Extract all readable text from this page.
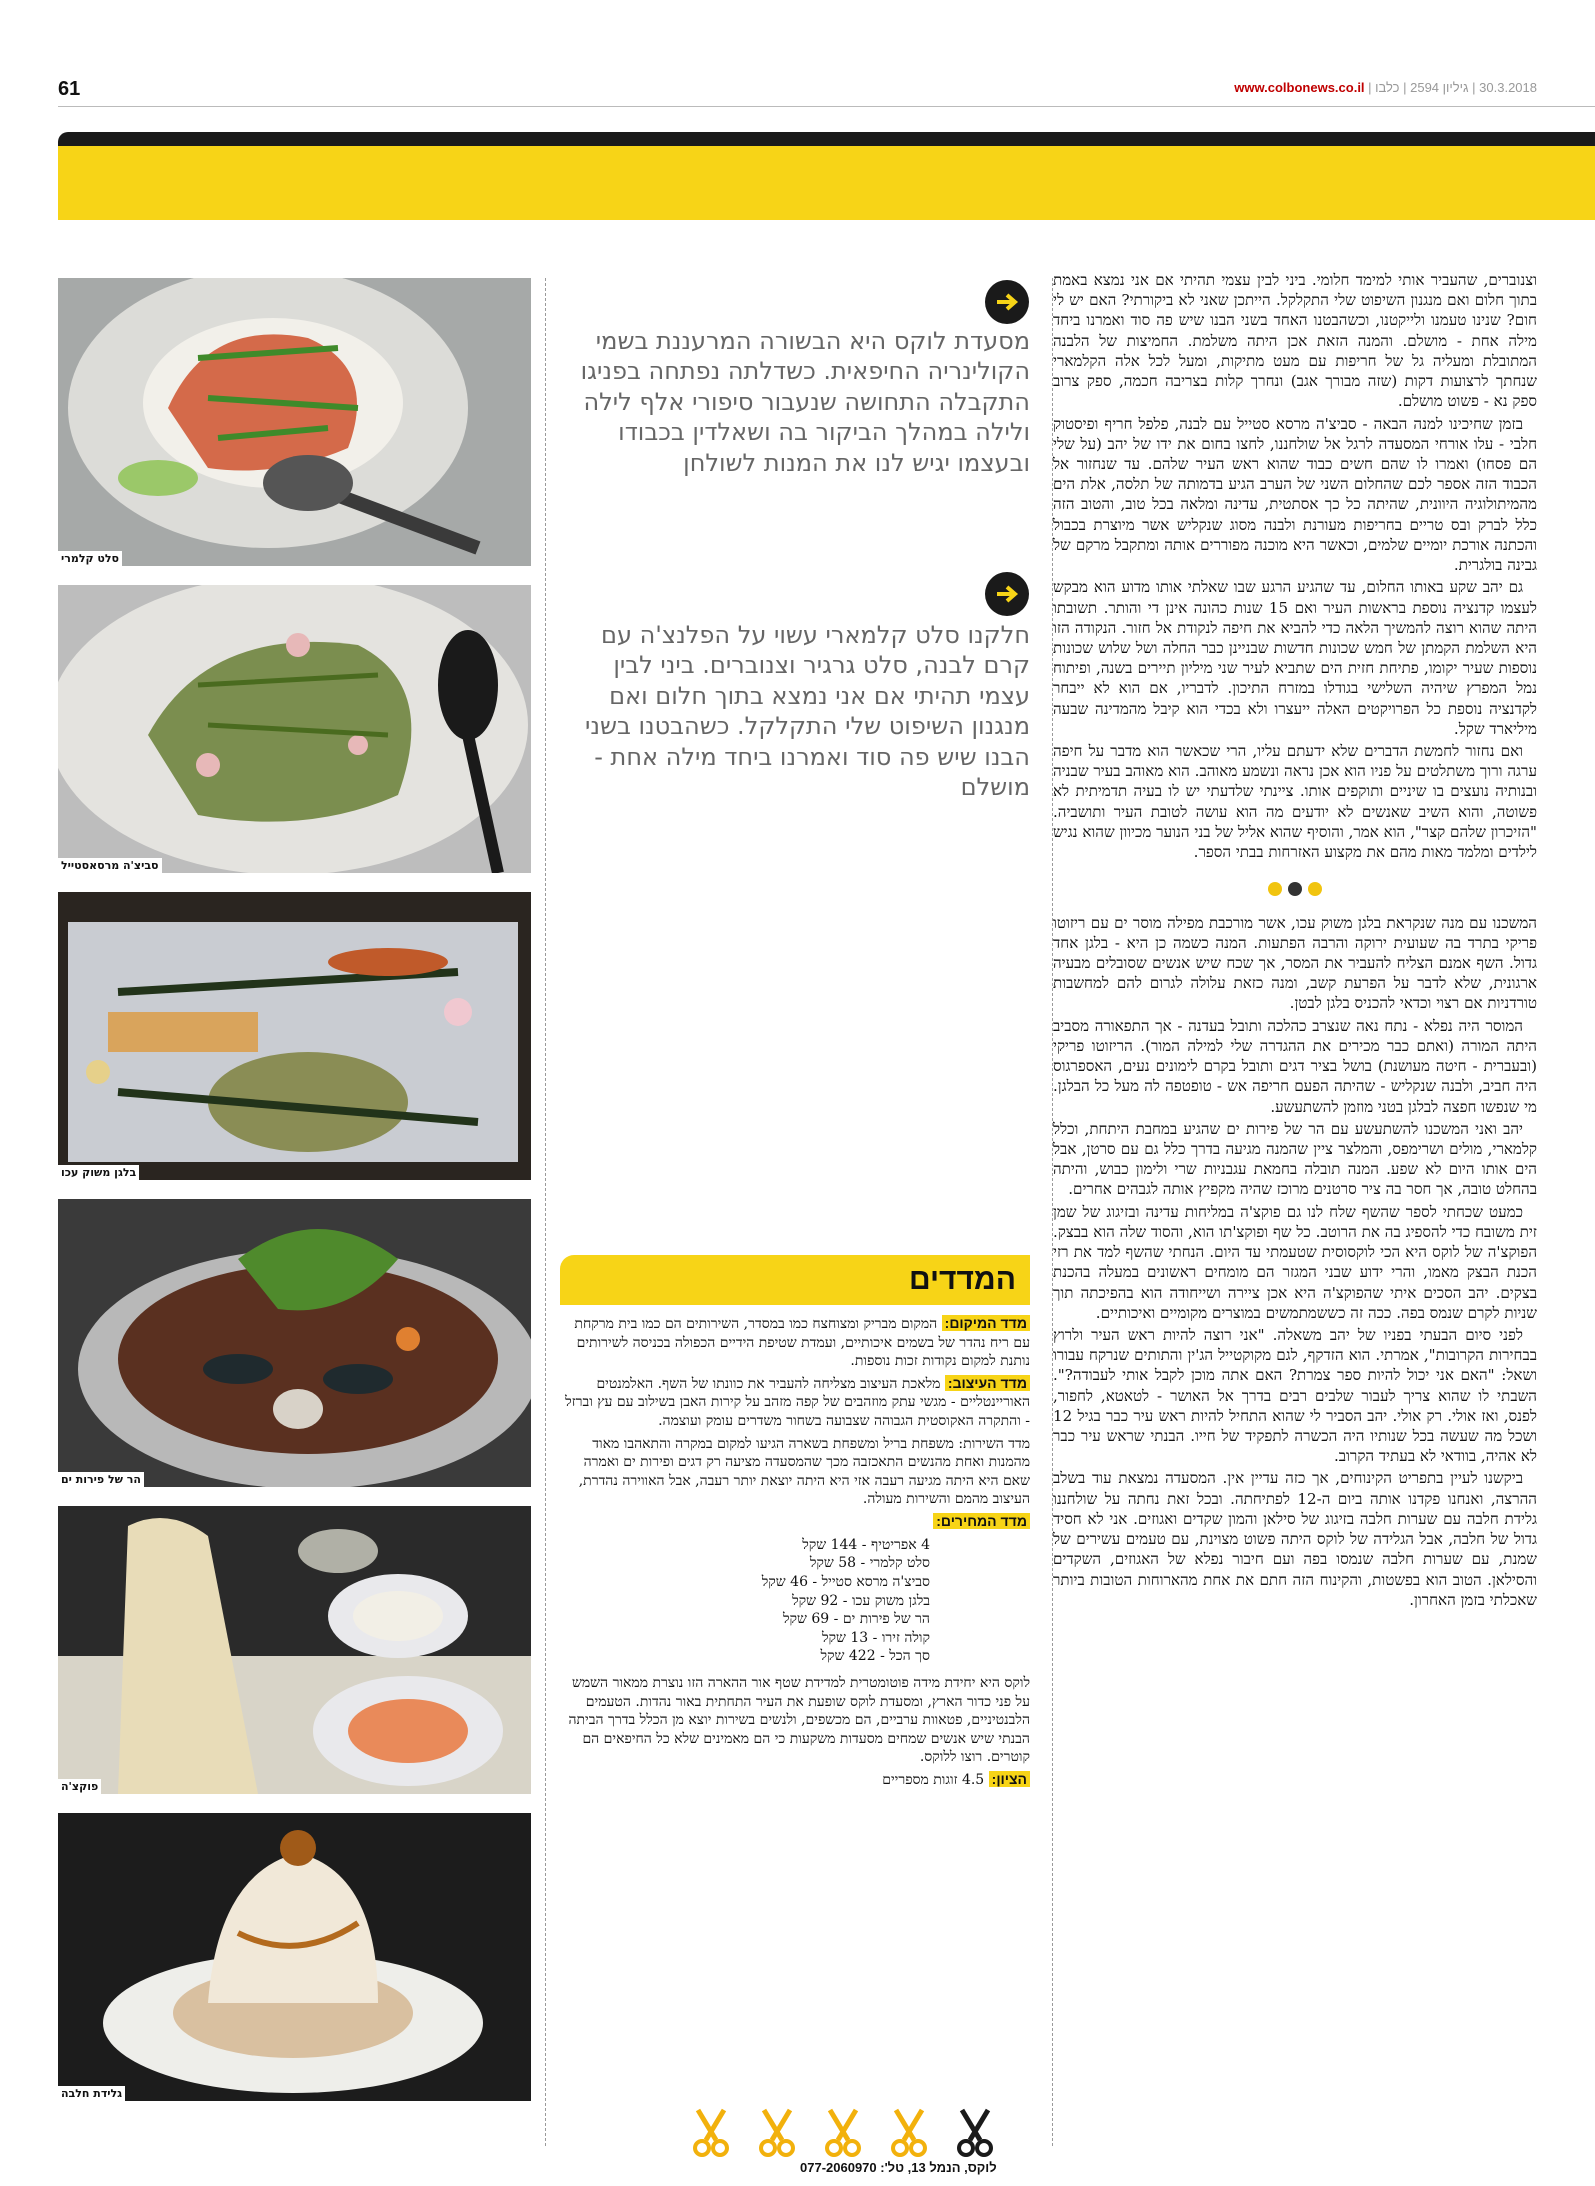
61	30.3.2018 | גיליון 2594 | כלבו | www.colbonews.co.il
סלט קלמרי
סביצ'ה מרסאסטייל
בלגן משוק עכו
הר של פירות ים
פוקצ'ה
גלידת חלבה
מסעדת לוקס היא הבשורה המרעננת בשמי הקולינריה החיפאית. כשדלתה נפתחה בפניגו התקבלה התחושה שנעבור סיפורי אלף לילה ולילה במהלך הביקור בה ושאלדין בכבודו ובעצמו יגיש לנו את המנות לשולחן
חלקנו סלט קלמארי עשוי על הפלנצ'ה עם קרם לבנה, סלט גרגיר וצנוברים. ביני לבין עצמי תהיתי אם אני נמצא בתוך חלום ואם מנגנון השיפוט שלי התקלקל. כשהבטנו בשני הבנו שיש פה סוד ואמרנו ביחד מילה אחת - מושלם
המדדים

מדד המיקום: המקום מבריק ומצוחצח כמו במסדר, השירותים הם כמו בית מרקחת עם ריח נהדר של בשמים איכותיים, ועמדת שטיפת הידיים הכפולה בכניסה לשירותים נותנת למקום נקודות זכות נוספות.

מדד העיצוב: מלאכת העיצוב מצליחה להעביר את כוונתו של השף. האלמנטים האוריינטליים - מגשי עתק מוזהבים של קפה מזהב על קירות האבן בשילוב עם עץ וברזל - והתקרה האקוסטית הגבוהה שצבועה בשחור משדרים עומק ועוצמה.

מדד השירות: משפחת בריל ומשפחת בשארה הגיעו למקום במקרה והתאהבו מאוד מהמנות ואחת מהנשים התאכזבה מכך שהמסעדה מציעה רק דגים ופירות ים ואמרה שאם היא היתה מגיעה רעבה אזי היא היתה יוצאת יותר רעבה, אבל האווירה נהדרת, העיצוב מהמם והשירות מעולה.

מדד המחירים:

4 אפריטיף - 144 שקל
סלט קלמרי - 58 שקל
סביצ'ה מרסא סטייל - 46 שקל
בלגן משוק עכו - 92 שקל
הר של פירות ים - 69 שקל
קולה זירו - 13 שקל
סך הכל - 422 שקל

לוקס היא יחידת מידה פוטומטרית למדידת שטף אור ההארה הזו נוצרת ממאור השמש על פני כדור הארץ, ומסעדת לוקס שופעת את העיר התחתית באור נהדות. הטעמים הלבנטיניים, פטאוות ערביים, הם מכשפים, ולנשים בשירות יוצא מן הכלל בדרך הביתה הבנתי שיש אנשים שמחים מסעדות משקעות כי הם מאמינים שלא כל החיפאים הם קוטרים. רוצו ללוקס.

הציון: 4.5 זוגות מספריים

לוקס, הנמל 13, טל': 077-2060970

וצנוברים, שהעביר אותי למימד חלומי. ביני לבין עצמי תהיתי אם אני נמצא באמת בתוך חלום ואם מנגנון השיפוט שלי התקלקל. הייתכן שאני לא ביקורתי? האם יש לי חום? שנינו טעמנו ולייקטנו, וכשהבטנו האחד בשני הבנו שיש פה סוד ואמרנו ביחד מילה אחת - מושלם. והמנה הזאת אכן היתה משלמת. החמיצות של הלבנה המתובלת ומעליה גל של חריפות עם מעט מתיקות, ומעל לכל אלה הקלמארי שנחתך לרצועות דקות (שזה מבורך אגב) ונחרך קלות בצריבה חכמה, ספק צרוב ספק נא - פשוט מושלם.

בזמן שחיכינו למנה הבאה - סביצ'ה מרסא סטייל עם לבנה, פלפל חריף ופיסטוק חלבי - עלו אורחי המסעדה לרגל אל שולחננו, לחצו בחום את ידו של יהב (על שלי הם פסחו) ואמרו לו שהם חשים כבוד שהוא ראש העיר שלהם. עד שנחזור אל הכבוד הזה אספר לכם שהחלום השני של הערב הגיע בדמותה של תלסה, אלת הים מהמיתולוגיה היוונית, שהיתה כל כך אסתטית, עדינה ומלאה בכל טוב, והטוב הזה כלל לברק ובס טריים בחריפות מעורנת ולבנה מסוג שנקליש אשר מיוצרת בכבול והכתנה אורכת יומיים שלמים, וכאשר היא מוכנה מפוררים אותה ומתקבל מרקם של גבינה בולגרית.

גם יהב שקע באותו החלום, עד שהגיע הרגע שבו שאלתי אותו מדוע הוא מבקש לעצמו קדנציה נוספת בראשות העיר ואם 15 שנות כהונה אינן די והותר. תשובתו היתה שהוא רוצה להמשיך הלאה כדי להביא את חיפה לנקודת אל חזור. הנקודה הזו היא השלמת הקמתן של חמש שכונות חדשות שבניינן כבר החלה ושל שלוש שכונות נוספות שעיר יקומו, פתיחת חזית הים שתביא לעיר שני מיליון תיירים בשנה, ופיתוח נמל המפרץ שיהיה השלישי בגודלו במזרח התיכון. לדבריו, אם הוא לא ייבחר לקדנציה נוספת כל הפרויקטים האלה ייעצרו ולא בכדי הוא קיבל מהמדינה שבעה מיליארד שקל.

ואם נחזור לחמשת הדברים שלא ידעתם עליו, הרי שכאשר הוא מדבר על חיפה ערגה ורוך משתלטים על פניו הוא אכן נראה ונשמע מאוהב. הוא מאוהב בעיר שבניה ובנותיה נועצים בו שיניים ותוקפים אותו. ציינתי שלדעתי יש לו בעיה תדמיתית לא פשוטה, והוא השיב שאנשים לא יודעים מה הוא עושה לטובת העיר ותושביה. "הזיכרון שלהם קצר", הוא אמר, והוסיף שהוא אליל של בני הנוער מכיוון שהוא נגיש לילדים ומלמד מאות מהם את מקצוע האזרחות בבתי הספר.

המשכנו עם מנה שנקראת בלגן משוק עכו, אשר מורכבת מפילה מוסר ים עם ריזוטו פריקי בתרד בה שעועית ירוקה והרבה הפתעות. המנה כשמה כן היא - בלגן אחד גדול. השף אמנם הצליח להעביר את המסר, אך שכח שיש אנשים שסובלים מבעיה ארגונית, שלא לדבר על הפרעת קשב, ומנה כזאת עלולה לגרום להם למחשבות טורדניות אם רצוי וכדאי להכניס בלגן לבטן.

המוסר היה נפלא - נתח נאה שנצרב כהלכה ותובל בעדנה - אך התפאורה מסביב היתה המורה (ואתם כבר מכירים את ההגדרה שלי למילה המור). הריזוטו פריקי (ובעברית - חיטה מעושנת) בושל בציר דגים ותובל בקרם לימונים נעים, האספרגוס היה חביב, ולבנה שנקליש - שהיתה הפעם חריפה אש - טופטפה לה מעל כל הבלגן. מי שנפשו חפצה לבלגן בטני מוזמן להשתעשע.

יהב ואני המשכנו להשתעשע עם הר של פירות ים שהגיע במחבת היתחת, וכלל קלמארי, מולים ושרימפס, והמלצר ציין שהמנה מגיעה בדרך כלל גם עם סרטן, אבל הים אותו היום לא שפע. המנה תובלה בחמאת עגבניות שרי ולימון כבוש, והיתה בהחלט טובה, אך חסר בה ציר סרטנים מרוכז שהיה מקפיץ אותה לגבהים אחרים.

כמעט שכחתי לספר שהשף שלח לנו גם פוקצ'ה במליחות עדינה ובזיגוג של שמן זית משובח כדי להספיג בה את הרוטב. כל שף ופוקצ'תו הוא, והסוד שלה הוא בבצק. הפוקצ'ה של לוקס היא הכי לוקסוסית שטעמתי עד היום. הנחתי שהשף למד את רזי הכנת הבצק מאמו, והרי ידוע שבני המגזר הם מומחים ראשונים במעלה בהכנת בצקים. יהב הסכים איתי שהפוקצ'ה היא אכן ציירה ושייחודה הוא בהפיכתה תוך שניות לקרם שנמס בפה. ככה זה כששמתמשים במוצרים מקומיים ואיכותיים.

לפני סיום הבעתי בפניו של יהב משאלה. "אני רוצה להיות ראש העיר ולרוץ בבחירות הקרובות", אמרתי. הוא הזדקף, לגם מקוקטייל הג'ין והתותים שנרקח עבורו ושאל: "האם אני יכול להיות ספר צמרת? האם אתה מוכן לקבל אותי לעבודה?". השבתי לו שהוא צריך לעבור שלבים רבים בדרך אל האושר - לטאטא, לחפור, לפנס, ואז אולי. רק אולי. יהב הסביר לי שהוא התחיל להיות ראש עיר כבר בגיל 12 ושכל מה שעשה בכל שנותיו היה הכשרה לתפקיד של חייו. הבנתי שראש עיר כבר לא אהיה, בוודאי לא בעתיד הקרוב.

ביקשנו לעיין בתפריט הקינוחים, אך כזה עדיין אין. המסעדה נמצאת עוד בשלב ההרצה, ואנחנו פקדנו אותה ביום ה-12 לפתיחתה. ובכל זאת נחתה על שולחננו גלידת חלבה עם שערות חלבה בזיגוג של סילאן והמון שקדים ואגוזים. אני לא חסיד גדול של חלבה, אבל הגלידה של לוקס היתה פשוט מצוינת, עם טעמים עשירים של שמנת, עם שערות חלבה שנמסו בפה ועם חיבור נפלא של האגוזים, השקדים והסילאן. הטוב הוא בפשטות, והקינוח הזה חתם את אחת מהארוחות הטובות ביותר שאכלתי בזמן האחרון.
